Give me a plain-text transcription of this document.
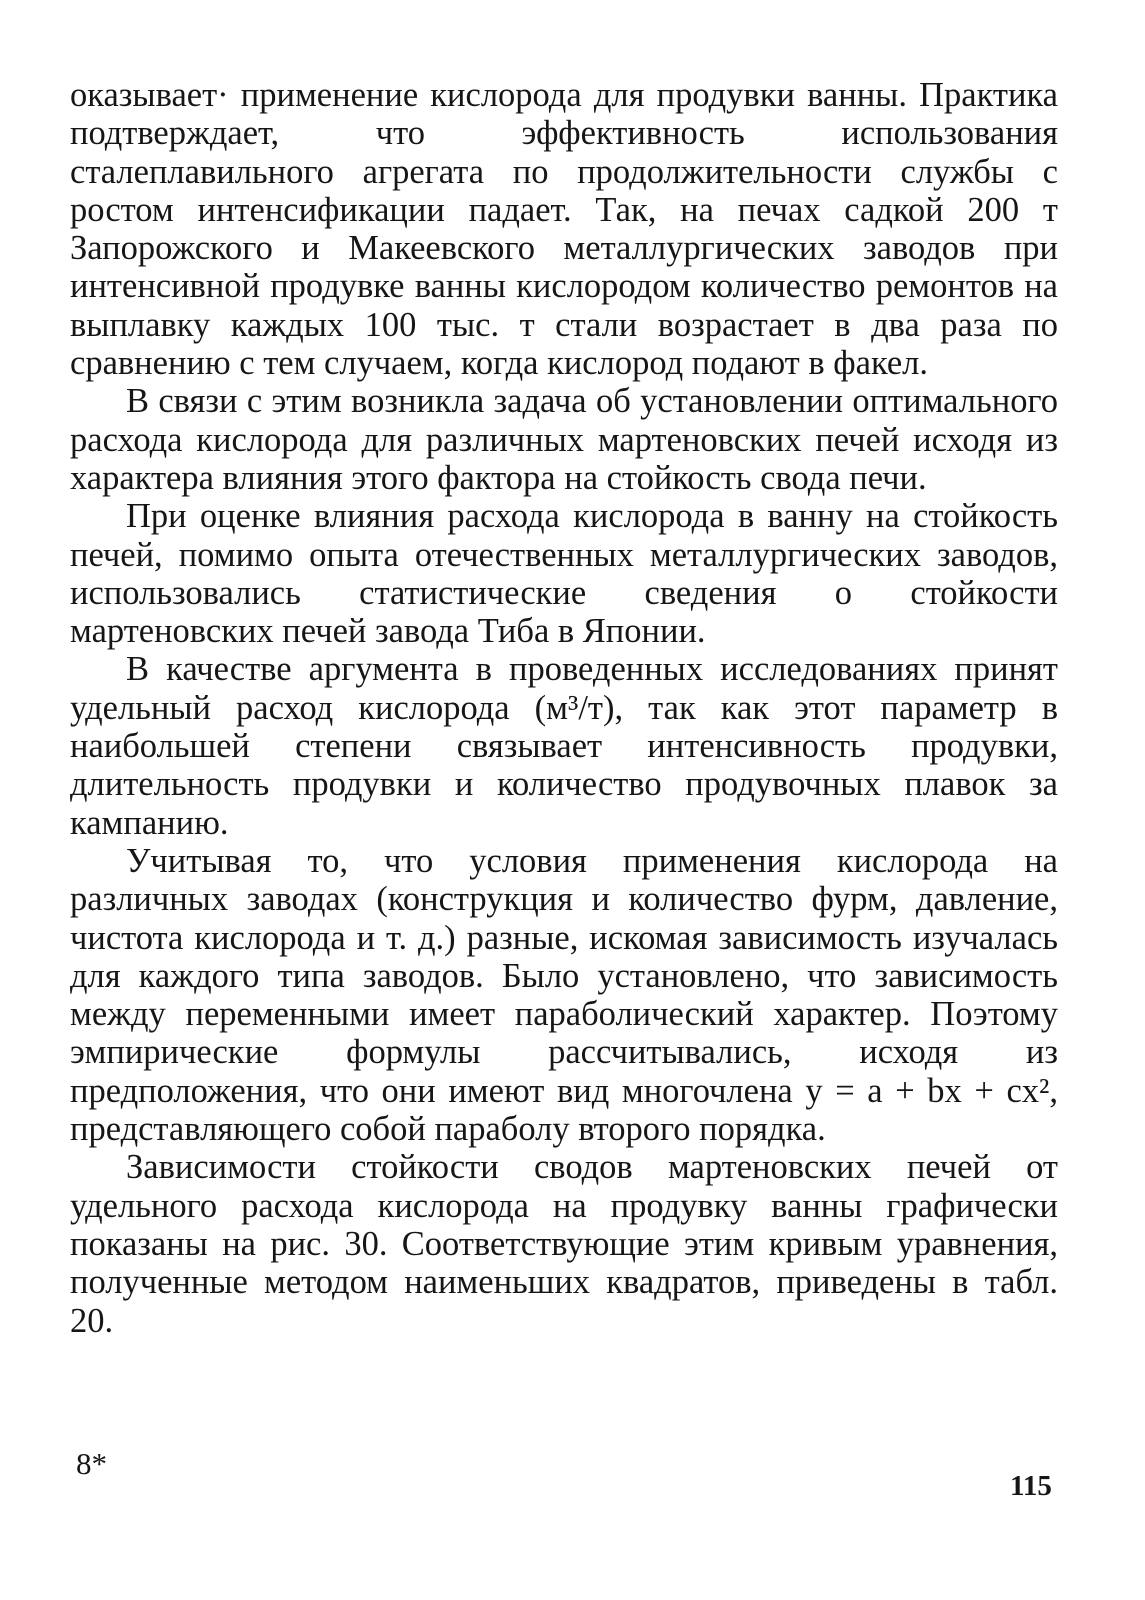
оказывает· применение кислорода для продувки ванны. Практика подтверждает, что эффективность использования сталеплавильного агрегата по продолжительности службы с ростом интенсификации падает. Так, на печах садкой 200 т Запорожского и Макеевского металлургических заводов при интенсивной продувке ванны кислородом количество ремонтов на выплавку каждых 100 тыс. т стали возрастает в два раза по сравнению с тем случаем, когда кислород подают в факел.

В связи с этим возникла задача об установлении оптимального расхода кислорода для различных мартеновских печей исходя из характера влияния этого фактора на стойкость свода печи.

При оценке влияния расхода кислорода в ванну на стойкость печей, помимо опыта отечественных металлургических заводов, использовались статистические сведения о стойкости мартеновских печей завода Тиба в Японии.

В качестве аргумента в проведенных исследованиях принят удельный расход кислорода (м³/т), так как этот параметр в наибольшей степени связывает интенсивность продувки, длительность продувки и количество продувочных плавок за кампанию.

Учитывая то, что условия применения кислорода на различных заводах (конструкция и количество фурм, давление, чистота кислорода и т. д.) разные, искомая зависимость изучалась для каждого типа заводов. Было установлено, что зависимость между переменными имеет параболический характер. Поэтому эмпирические формулы рассчитывались, исходя из предположения, что они имеют вид многочлена y = a + bx + cx², представляющего собой параболу второго порядка.

Зависимости стойкости сводов мартеновских печей от удельного расхода кислорода на продувку ванны графически показаны на рис. 30. Соответствующие этим кривым уравнения, полученные методом наименьших квадратов, приведены в табл. 20.

8*
115
